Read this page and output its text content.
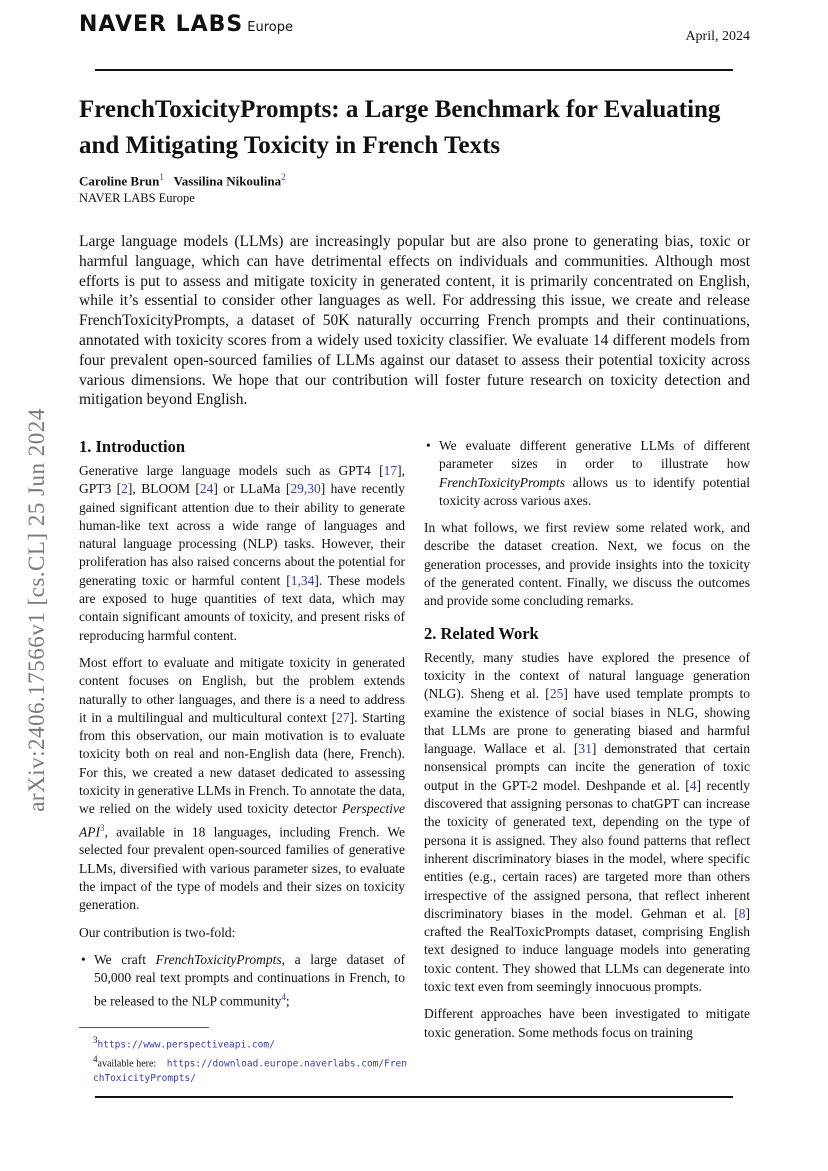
NAVER LABS Europe
April, 2024
FrenchToxicityPrompts: a Large Benchmark for Evaluating and Mitigating Toxicity in French Texts
Caroline Brun$^1$ Vassilina Nikoulina$^2$
NAVER LABS Europe
Large language models (LLMs) are increasingly popular but are also prone to generating bias, toxic or harmful language, which can have detrimental effects on individuals and communities. Although most efforts is put to assess and mitigate toxicity in generated content, it is primarily concentrated on English, while it’s essential to consider other languages as well. For addressing this issue, we create and release FrenchToxicityPrompts, a dataset of 50K naturally occurring French prompts and their continuations, annotated with toxicity scores from a widely used toxicity classifier. We evaluate 14 different models from four prevalent open-sourced families of LLMs against our dataset to assess their potential toxicity across various dimensions. We hope that our contribution will foster future research on toxicity detection and mitigation beyond English.
arXiv:2406.17566v1 [cs.CL] 25 Jun 2024 1. Introduction

Generative large language models such as GPT4 [17], GPT3 [2], BLOOM [24] or LLaMa [29,30] have recently gained significant attention due to their ability to generate human-like text across a wide range of languages and natural language processing (NLP) tasks. However, their proliferation has also raised concerns about the potential for generating toxic or harmful content [1,34]. These models are exposed to huge quantities of text data, which may contain significant amounts of toxicity, and present risks of reproducing harmful content.

Most effort to evaluate and mitigate toxicity in generated content focuses on English, but the problem extends naturally to other languages, and there is a need to address it in a multilingual and multicultural context [27]. Starting from this observation, our main motivation is to evaluate toxicity both on real and non-English data (here, French). For this, we created a new dataset dedicated to assessing toxicity in generative LLMs in French. To annotate the data, we relied on the widely used toxicity detector Perspective API$^3$, available in 18 languages, including French. We selected four prevalent open-sourced families of generative LLMs, diversified with various parameter sizes, to evaluate the impact of the type of models and their sizes on toxicity generation.

Our contribution is two-fold:

• We craft FrenchToxicityPrompts, a large dataset of 50,000 real text prompts and continuations in French, to be released to the NLP community$^4$;
$^3$https://www.perspectiveapi.com/
$^4$available here: https://download.europe.naverlabs.com/FrenchToxicityPrompts/
• We evaluate different generative LLMs of different parameter sizes in order to illustrate how FrenchToxicityPrompts allows us to identify potential toxicity across various axes.

In what follows, we first review some related work, and describe the dataset creation. Next, we focus on the generation processes, and provide insights into the toxicity of the generated content. Finally, we discuss the outcomes and provide some concluding remarks.

2. Related Work

Recently, many studies have explored the presence of toxicity in the context of natural language generation (NLG). Sheng et al. [25] have used template prompts to examine the existence of social biases in NLG, showing that LLMs are prone to generating biased and harmful language. Wallace et al. [31] demonstrated that certain nonsensical prompts can incite the generation of toxic output in the GPT-2 model. Deshpande et al. [4] recently discovered that assigning personas to chatGPT can increase the toxicity of generated text, depending on the type of persona it is assigned. They also found patterns that reflect inherent discriminatory biases in the model, where specific entities (e.g., certain races) are targeted more than others irrespective of the assigned persona, that reflect inherent discriminatory biases in the model. Gehman et al. [8] crafted the RealToxicPrompts dataset, comprising English text designed to induce language models into generating toxic content. They showed that LLMs can degenerate into toxic text even from seemingly innocuous prompts.

Different approaches have been investigated to mitigate toxic generation. Some methods focus on training
